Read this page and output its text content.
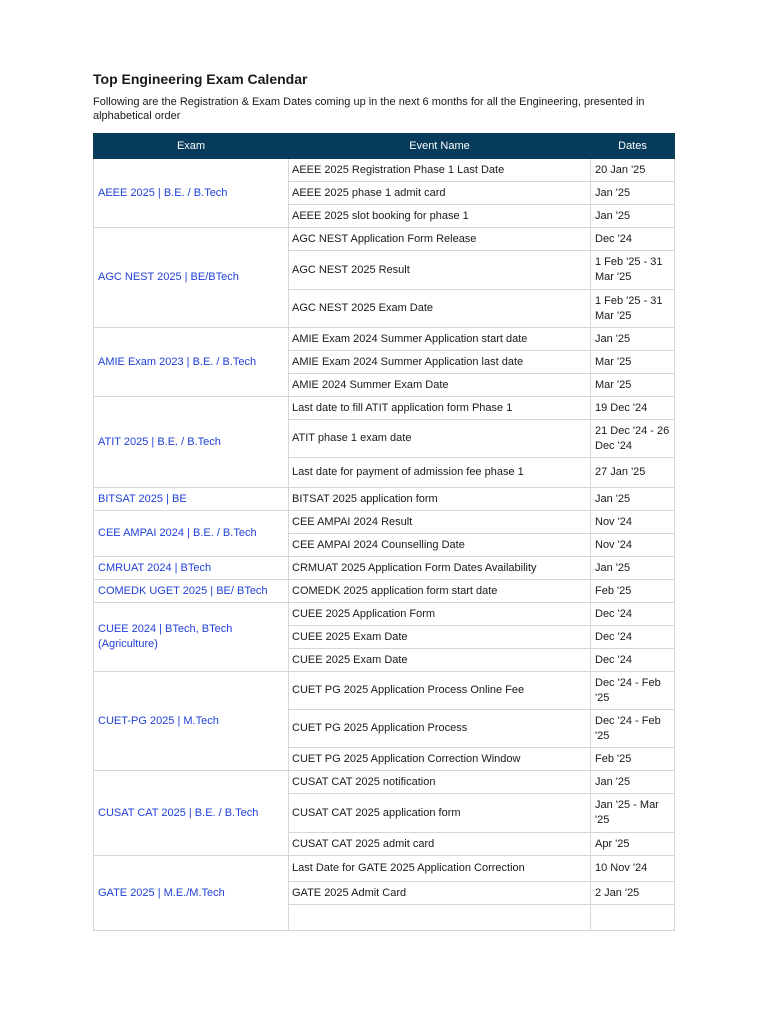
Top Engineering Exam Calendar
Following are the Registration & Exam Dates coming up in the next 6 months for all the Engineering, presented in alphabetical order
Exam	Event Name	Dates
AEEE 2025 | B.E. / B.Tech	AEEE 2025 Registration Phase 1 Last Date	20 Jan '25
	AEEE 2025 phase 1 admit card	Jan '25
	AEEE 2025 slot booking for phase 1	Jan '25
AGC NEST 2025 | BE/BTech	AGC NEST Application Form Release	Dec '24
	AGC NEST 2025 Result	1 Feb '25 - 31 Mar '25
	AGC NEST 2025 Exam Date	1 Feb '25 - 31 Mar '25
AMIE Exam 2023 | B.E. / B.Tech	AMIE Exam 2024 Summer Application start date	Jan '25
	AMIE Exam 2024 Summer Application last date	Mar '25
	AMIE 2024 Summer Exam Date	Mar '25
ATIT 2025 | B.E. / B.Tech	Last date to fill ATIT application form Phase 1	19 Dec '24
	ATIT phase 1 exam date	21 Dec '24 - 26 Dec '24
	Last date for payment of admission fee phase 1	27 Jan '25
BITSAT 2025 | BE	BITSAT 2025 application form	Jan '25
CEE AMPAI 2024 | B.E. / B.Tech	CEE AMPAI 2024 Result	Nov '24
	CEE AMPAI 2024 Counselling Date	Nov '24
CMRUAT 2024 | BTech	CRMUAT 2025 Application Form Dates Availability	Jan '25
COMEDK UGET 2025 | BE/ BTech	COMEDK 2025 application form start date	Feb '25
CUEE 2024 | BTech, BTech (Agriculture)	CUEE 2025 Application Form	Dec '24
	CUEE 2025 Exam Date	Dec '24
	CUEE 2025 Exam Date	Dec '24
CUET-PG 2025 | M.Tech	CUET PG 2025 Application Process Online Fee	Dec '24 - Feb '25
	CUET PG 2025 Application Process	Dec '24 - Feb '25
	CUET PG 2025 Application Correction Window	Feb '25
CUSAT CAT 2025 | B.E. / B.Tech	CUSAT CAT 2025 notification	Jan '25
	CUSAT CAT 2025 application form	Jan '25 - Mar '25
	CUSAT CAT 2025 admit card	Apr '25
GATE 2025 | M.E./M.Tech	Last Date for GATE 2025 Application Correction	10 Nov '24
	GATE 2025 Admit Card	2 Jan '25
